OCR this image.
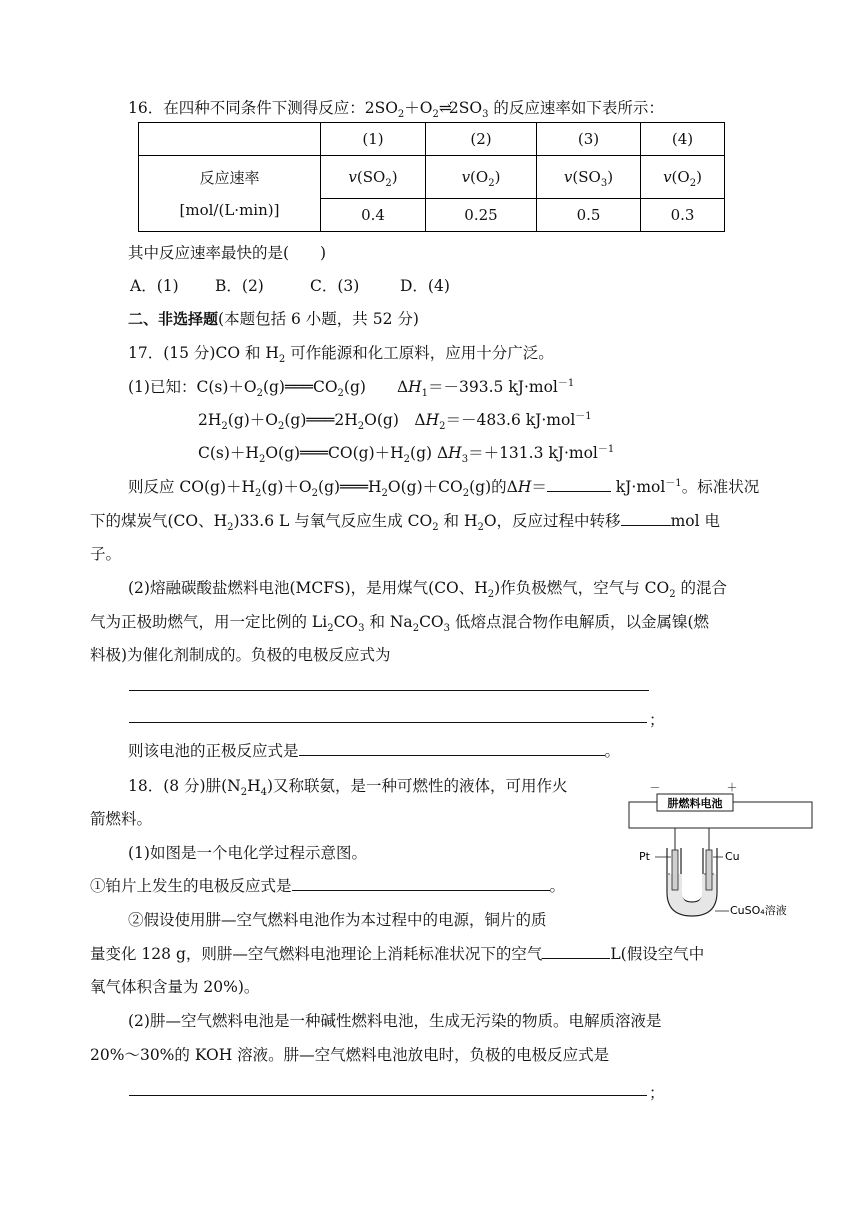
16．在四种不同条件下测得反应：$2SO_2+O_2\rightleftharpoons 2SO_3$ 的反应速率如下表所示：
	(1)	(2)	(3)	(4)

反应速率
[mol/(L·min)]	$v(SO_2)$	$v(O_2)$	$v(SO_3)$	$v(O_2)$
	0.4	0.25	0.5	0.3
其中反应速率最快的是(　　)
A．(1) B．(2)	C．(3)	D．(4)
二、非选择题(本题包括 6 小题，共 52 分)
17．(15 分)CO 和 $H_2$ 可作能源和化工原料，应用十分广泛。
(1)已知：$C(s)+O_2(g)═══CO_2(g)$　　$\Delta H_1=-393.5$ kJ·mol$^{-1}$
$2H_2(g)+O_2(g)═══2H_2O(g)$　$\Delta H_2=-483.6$ kJ·mol$^{-1}$
$C(s)+H_2O(g)═══CO(g)+H_2(g)$ $\Delta H_3=+131.3$ kJ·mol$^{-1}$
则反应 $CO(g)+H_2(g)+O_2(g)═══H_2O(g)+CO_2(g)$的ΔH＝	kJ·mol$^{-1}$。标准状况
下的煤炭气(CO、$H_2)33.6$ L 与氧气反应生成 $CO_2$ 和 $H_2O$，反应过程中转移	mol 电
子。
(2)熔融碳酸盐燃料电池(MCFS)，是用煤气(CO、$H_2$)作负极燃气，空气与 $CO_2$ 的混合
气为正极助燃气，用一定比例的 $Li_2CO_3$ 和 $Na_2CO_3$ 低熔点混合物作电解质，以金属镍(燃
料极)为催化剂制成的。负极的电极反应式为
；
则该电池的正极反应式是	。
18．(8 分)肼$(N_2H_4)$又称联氨，是一种可燃性的液体，可用作火
箭燃料。
(1)如图是一个电化学过程示意图。
①铂片上发生的电极反应式是	。
②假设使用肼—空气燃料电池作为本过程中的电源，铜片的质
量变化 128 g，则肼—空气燃料电池理论上消耗标准状况下的空气	L(假设空气中
氧气体积含量为 20%)。
(2)肼—空气燃料电池是一种碱性燃料电池，生成无污染的物质。电解质溶液是
20%～30%的 KOH 溶液。肼—空气燃料电池放电时，负极的电极反应式是
；
－	＋
肼燃料电池
Pt	Cu
CuSO₄溶液
